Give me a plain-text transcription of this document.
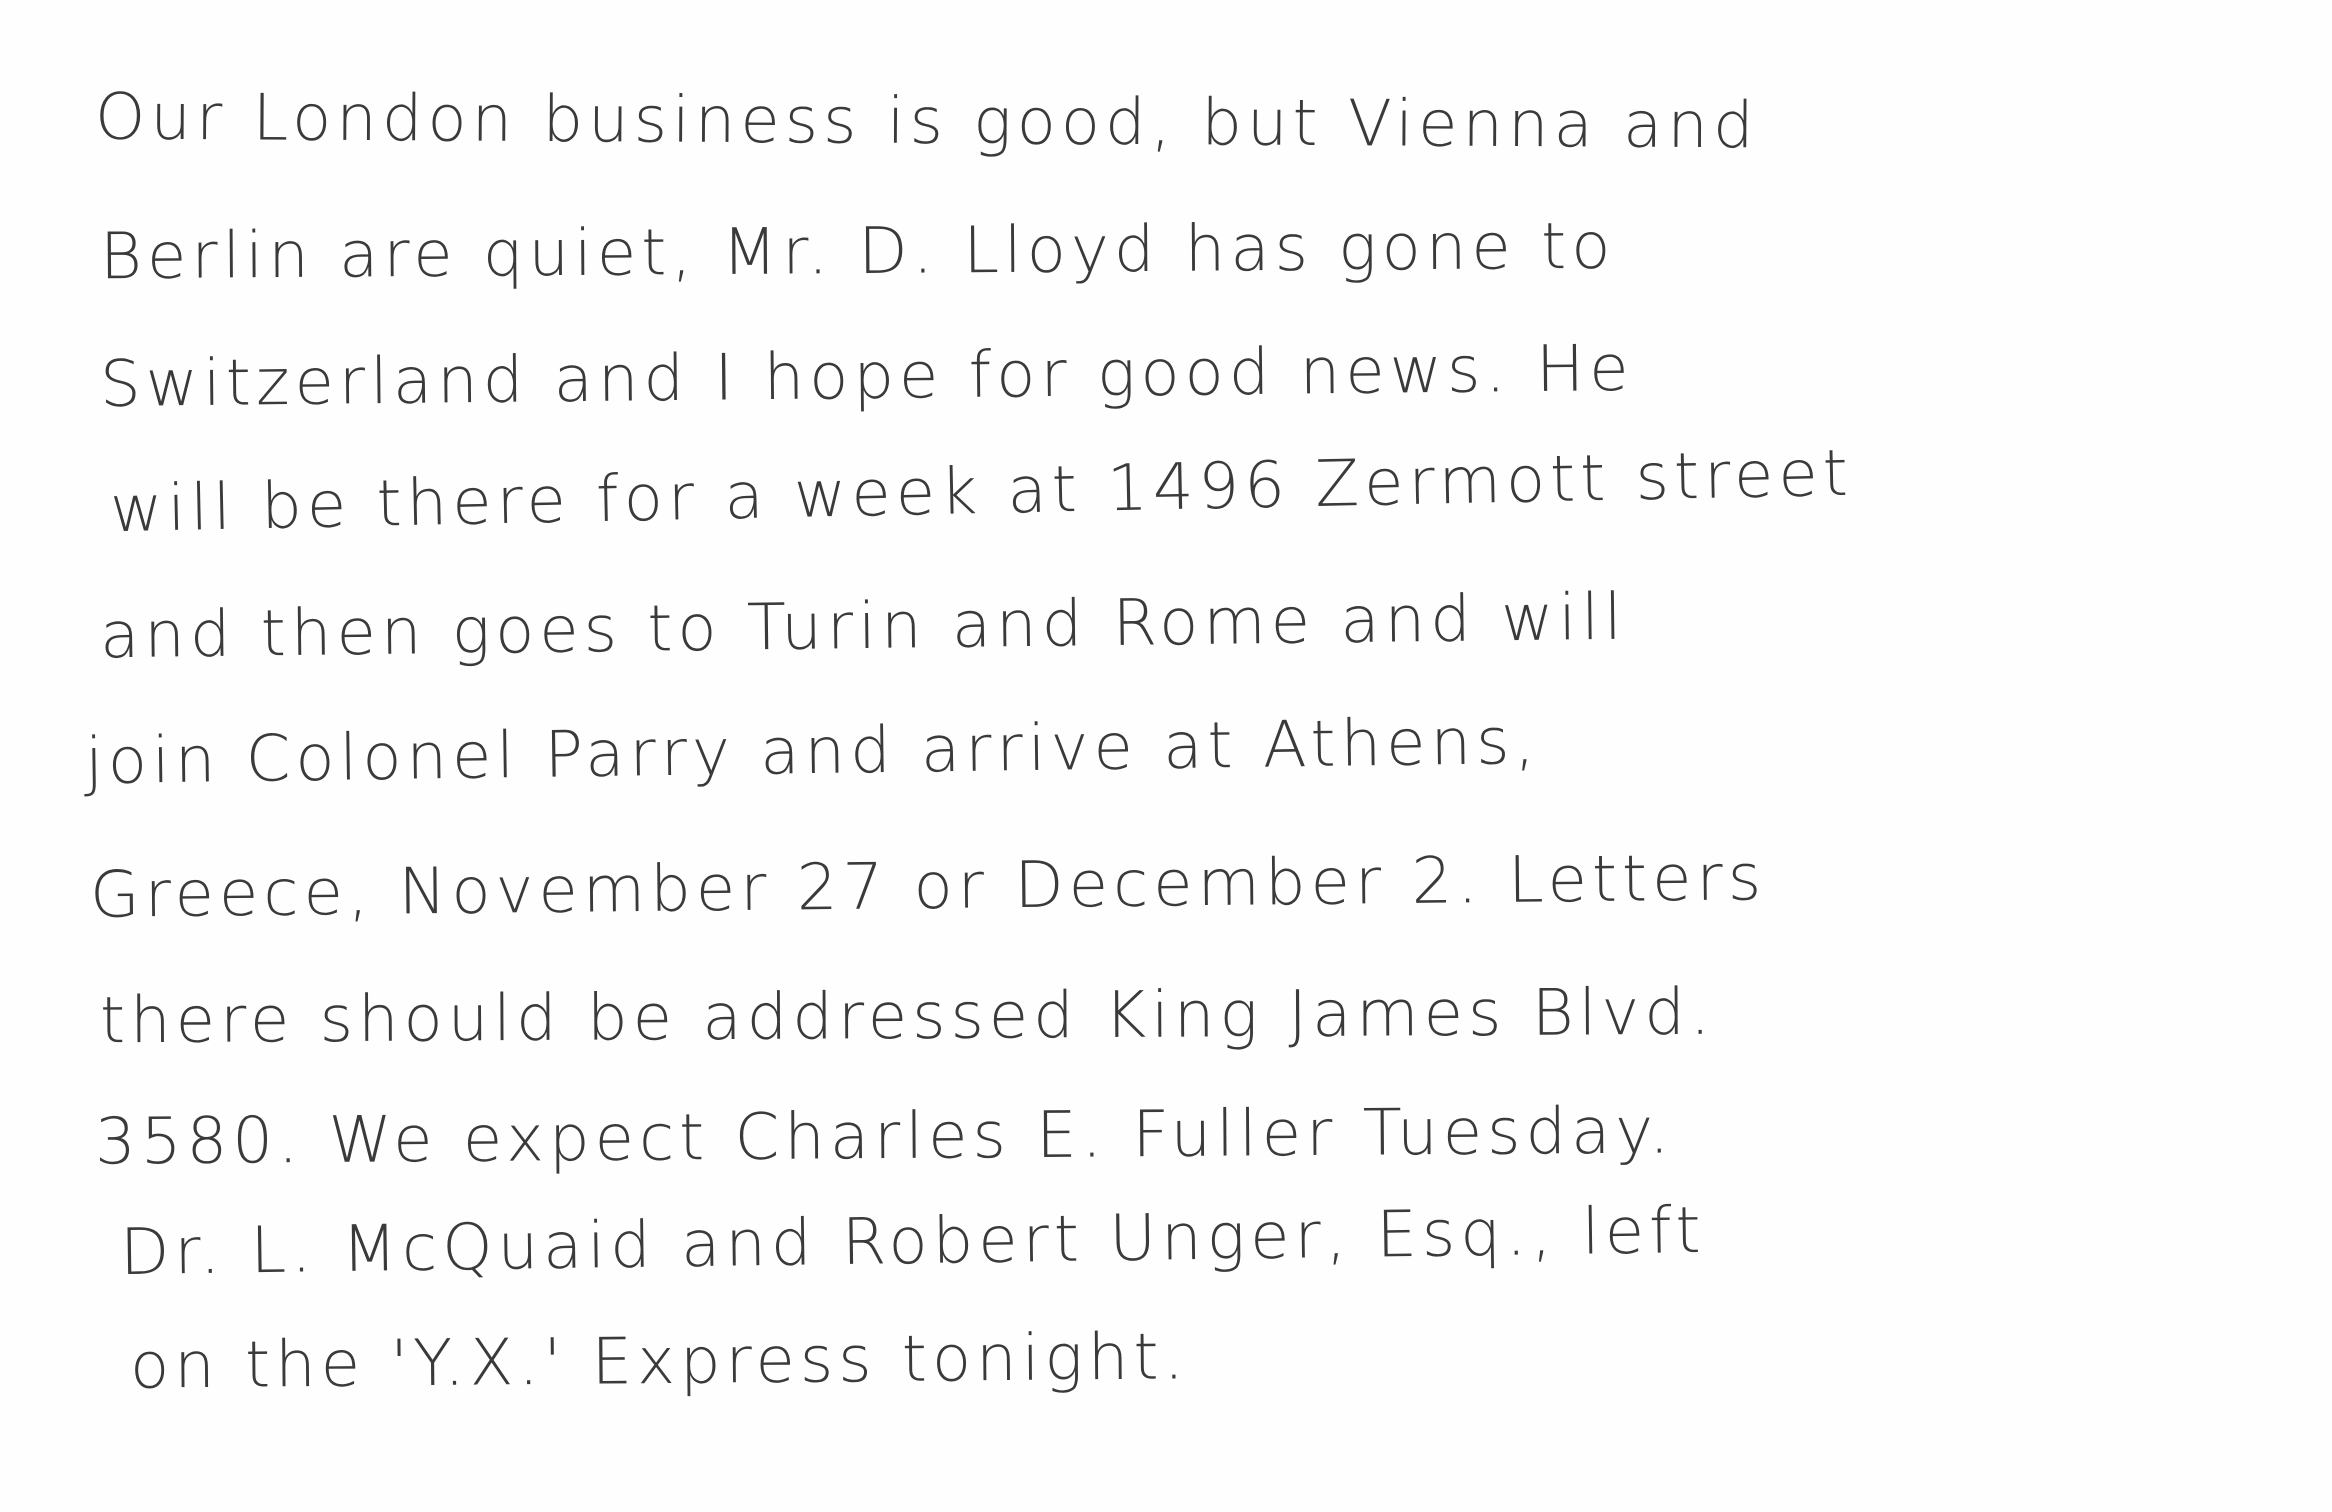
Our London business is good, but Vienna and

Berlin are quiet, Mr. D. Lloyd has gone to

Switzerland and I hope for good news. He

will be there for a week at 1496 Zermott street

and then goes to Turin and Rome and will

join Colonel Parry and arrive at Athens,

Greece, November 27 or December 2. Letters

there should be addressed King James Blvd.

3580. We expect Charles E. Fuller Tuesday.

Dr. L. McQuaid and Robert Unger, Esq., left

on the 'Y.X.' Express tonight.
